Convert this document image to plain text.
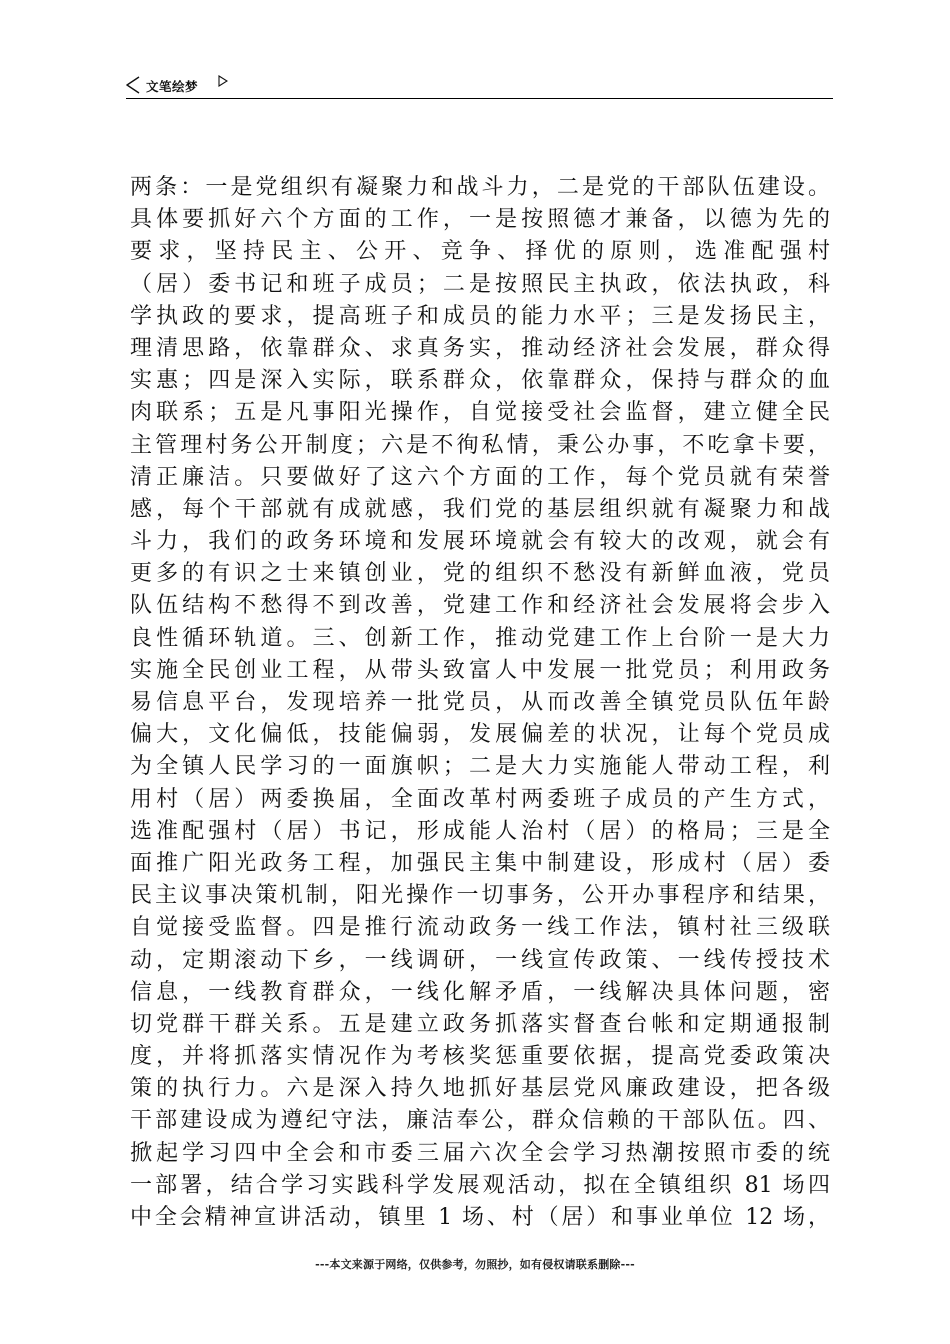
文笔绘梦
两条：一是党组织有凝聚力和战斗力，二是党的干部队伍建设。
具体要抓好六个方面的工作，一是按照德才兼备，以德为先的
要求，坚持民主、公开、竞争、择优的原则，选准配强村
（居）委书记和班子成员；二是按照民主执政，依法执政，科
学执政的要求，提高班子和成员的能力水平；三是发扬民主，
理清思路，依靠群众、求真务实，推动经济社会发展，群众得
实惠；四是深入实际，联系群众，依靠群众，保持与群众的血
肉联系；五是凡事阳光操作，自觉接受社会监督，建立健全民
主管理村务公开制度；六是不徇私情，秉公办事，不吃拿卡要，
清正廉洁。只要做好了这六个方面的工作，每个党员就有荣誉
感，每个干部就有成就感，我们党的基层组织就有凝聚力和战
斗力，我们的政务环境和发展环境就会有较大的改观，就会有
更多的有识之士来镇创业，党的组织不愁没有新鲜血液，党员
队伍结构不愁得不到改善，党建工作和经济社会发展将会步入
良性循环轨道。三、创新工作，推动党建工作上台阶一是大力
实施全民创业工程，从带头致富人中发展一批党员；利用政务
易信息平台，发现培养一批党员，从而改善全镇党员队伍年龄
偏大，文化偏低，技能偏弱，发展偏差的状况，让每个党员成
为全镇人民学习的一面旗帜；二是大力实施能人带动工程，利
用村（居）两委换届，全面改革村两委班子成员的产生方式，
选准配强村（居）书记，形成能人治村（居）的格局；三是全
面推广阳光政务工程，加强民主集中制建设，形成村（居）委
民主议事决策机制，阳光操作一切事务，公开办事程序和结果，
自觉接受监督。四是推行流动政务一线工作法，镇村社三级联
动，定期滚动下乡，一线调研，一线宣传政策、一线传授技术
信息，一线教育群众，一线化解矛盾，一线解决具体问题，密
切党群干群关系。五是建立政务抓落实督查台帐和定期通报制
度，并将抓落实情况作为考核奖惩重要依据，提高党委政策决
策的执行力。六是深入持久地抓好基层党风廉政建设，把各级
干部建设成为遵纪守法，廉洁奉公，群众信赖的干部队伍。四、
掀起学习四中全会和市委三届六次全会学习热潮按照市委的统
一部署，结合学习实践科学发展观活动，拟在全镇组织 81 场四
中全会精神宣讲活动，镇里 1 场、村（居）和事业单位 12 场，
---本文来源于网络，仅供参考，勿照抄，如有侵权请联系删除---
